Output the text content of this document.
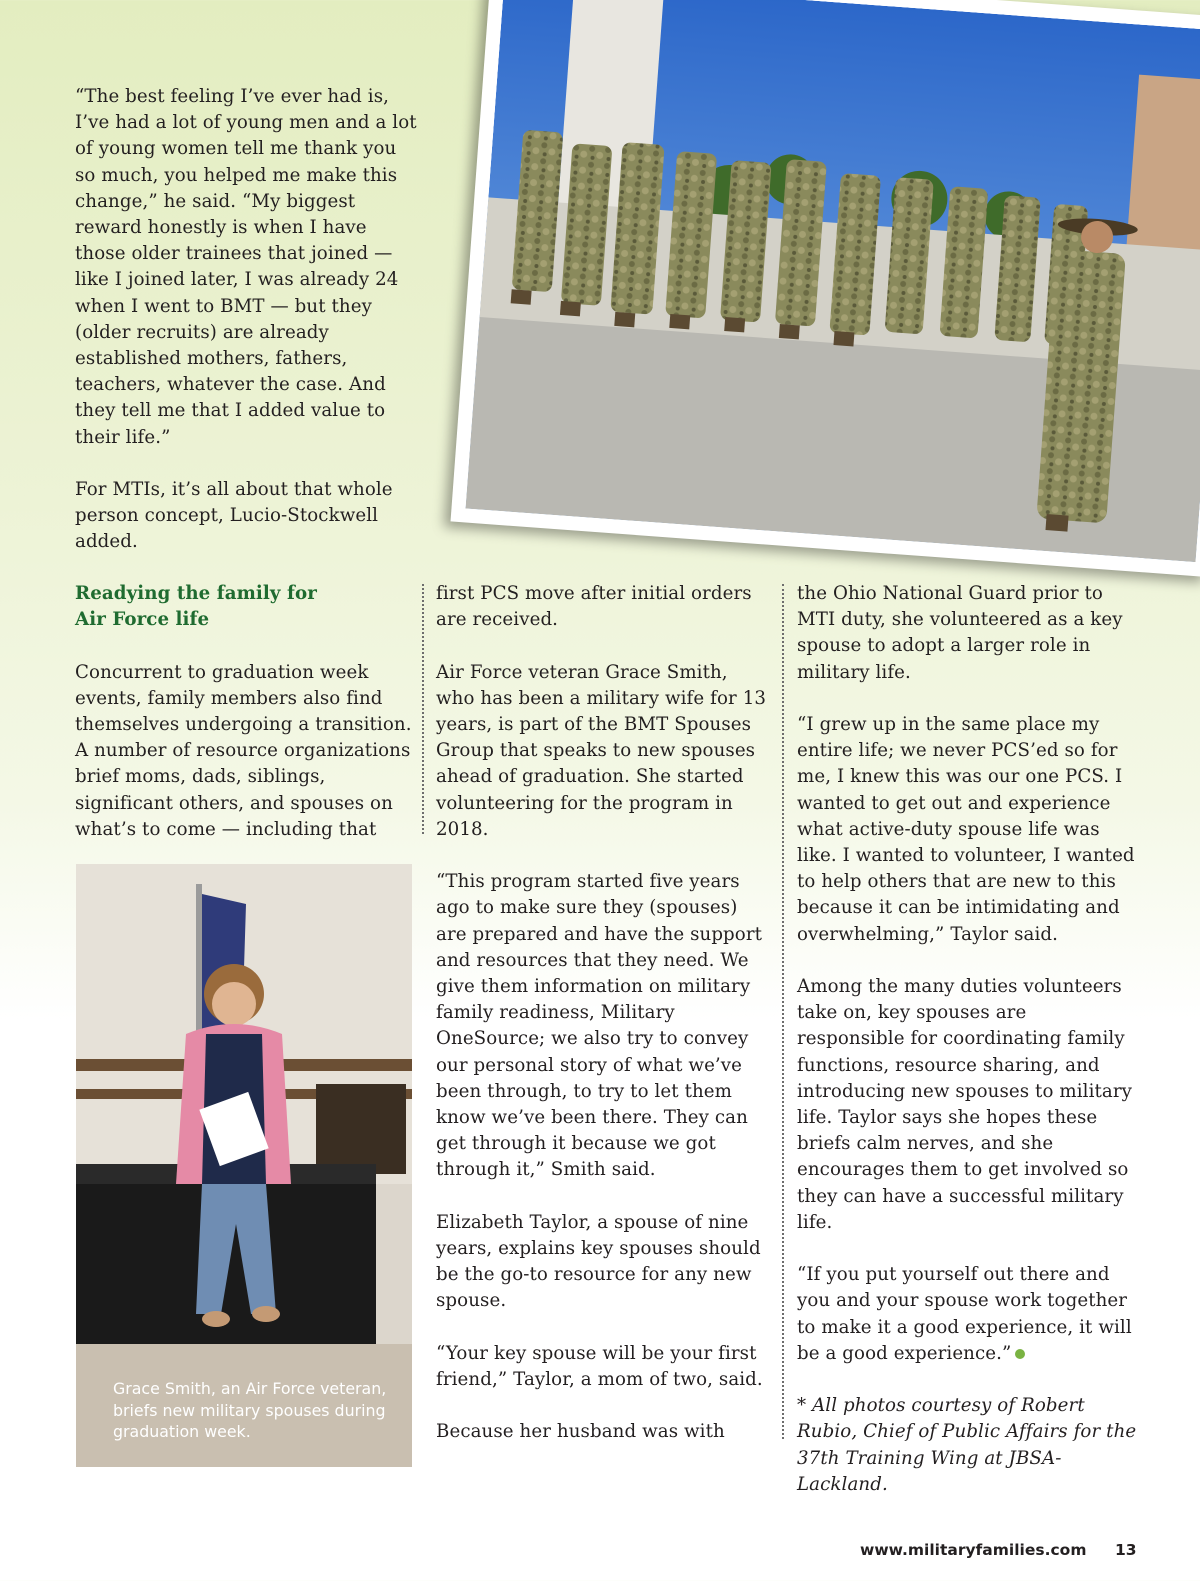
“The best feeling I’ve ever had is, I’ve had a lot of young men and a lot of young women tell me thank you so much, you helped me make this change,” he said. “My biggest reward honestly is when I have those older trainees that joined — like I joined later, I was already 24 when I went to BMT — but they (older recruits) are already established mothers, fathers, teachers, whatever the case. And they tell me that I added value to their life.”

For MTIs, it’s all about that whole person concept, Lucio-Stockwell added.

Readying the family for
Air Force life

Concurrent to graduation week events, family members also find themselves undergoing a transition. A number of resource organizations brief moms, dads, siblings, significant others, and spouses on what’s to come — including that

first PCS move after initial orders are received.

Air Force veteran Grace Smith, who has been a military wife for 13 years, is part of the BMT Spouses Group that speaks to new spouses ahead of graduation. She started volunteering for the program in 2018.

“This program started five years ago to make sure they (spouses) are prepared and have the support and resources that they need. We give them information on military family readiness, Military OneSource; we also try to convey our personal story of what we’ve been through, to try to let them know we’ve been there. They can get through it because we got through it,” Smith said.

Elizabeth Taylor, a spouse of nine years, explains key spouses should be the go-to resource for any new spouse.

“Your key spouse will be your first friend,” Taylor, a mom of two, said.

Because her husband was with

the Ohio National Guard prior to MTI duty, she volunteered as a key spouse to adopt a larger role in military life.

“I grew up in the same place my entire life; we never PCS’ed so for me, I knew this was our one PCS. I wanted to get out and experience what active-duty spouse life was like. I wanted to volunteer, I wanted to help others that are new to this because it can be intimidating and overwhelming,” Taylor said.

Among the many duties volunteers take on, key spouses are responsible for coordinating family functions, resource sharing, and introducing new spouses to military life. Taylor says she hopes these briefs calm nerves, and she encourages them to get involved so they can have a successful military life.

“If you put yourself out there and you and your spouse work together to make it a good experience, it will be a good experience.”

* All photos courtesy of Robert Rubio, Chief of Public Affairs for the 37th Training Wing at JBSA-Lackland.

Grace Smith, an Air Force veteran, briefs new military spouses during graduation week.
www.militaryfamilies.com 13
